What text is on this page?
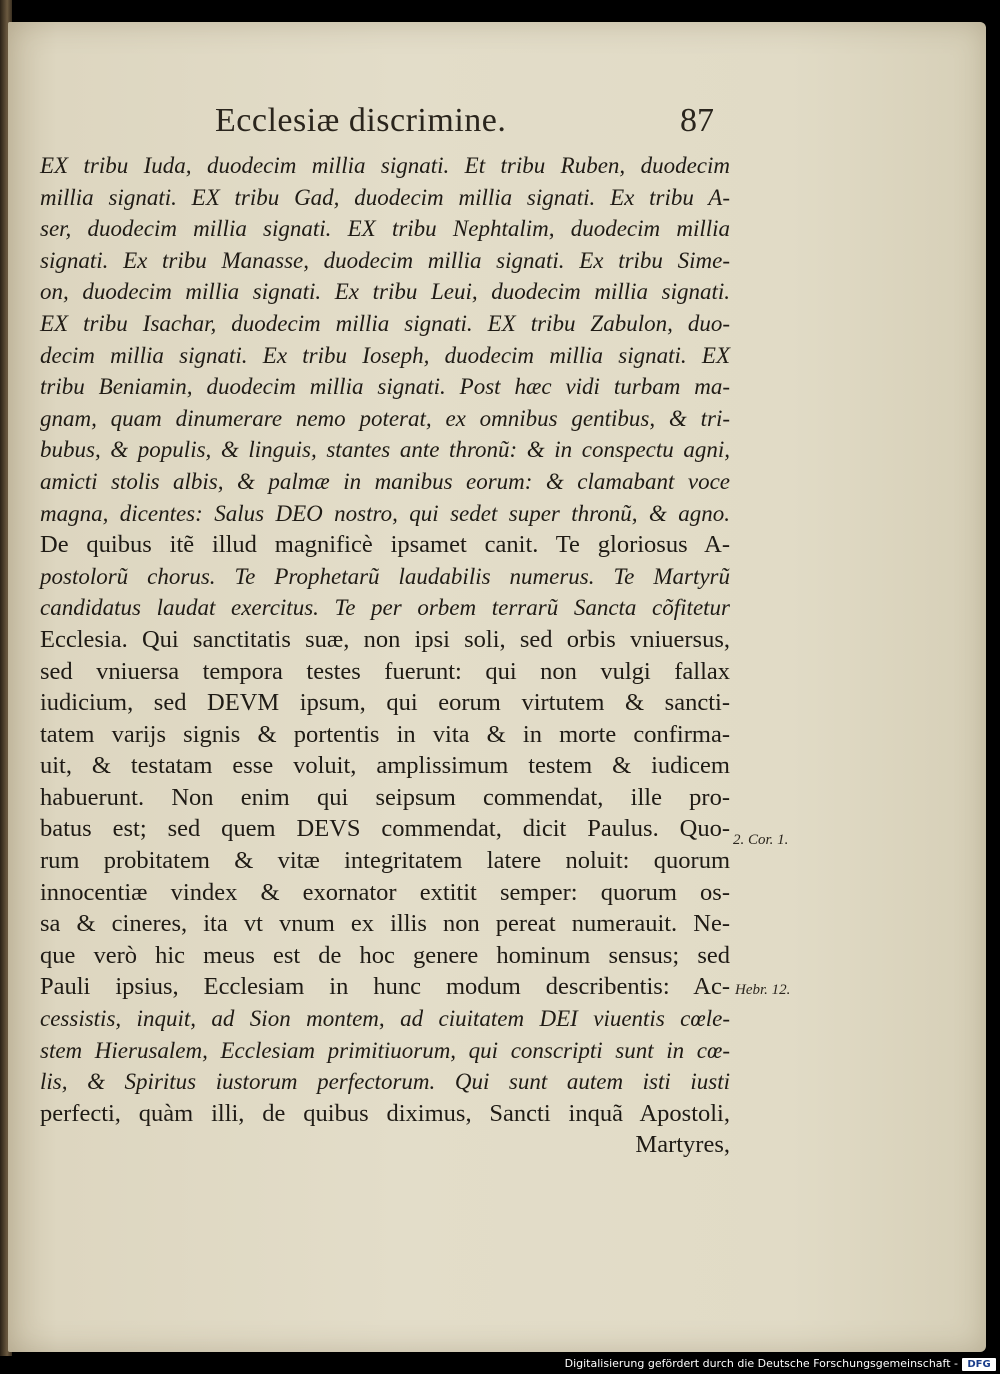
Ecclesiæ discrimine.	87
EX tribu Iuda, duodecim millia signati. Et tribu Ruben, duodecim
millia signati. EX tribu Gad, duodecim millia signati. Ex tribu A-
ser, duodecim millia signati. EX tribu Nephtalim, duodecim millia
signati. Ex tribu Manasse, duodecim millia signati. Ex tribu Sime-
on, duodecim millia signati. Ex tribu Leui, duodecim millia signati.
EX tribu Isachar, duodecim millia signati. EX tribu Zabulon, duo-
decim millia signati. Ex tribu Ioseph, duodecim millia signati. EX
tribu Beniamin, duodecim millia signati. Post hæc vidi turbam ma-
gnam, quam dinumerare nemo poterat, ex omnibus gentibus, & tri-
bubus, & populis, & linguis, stantes ante thronũ: & in conspectu agni,
amicti stolis albis, & palmæ in manibus eorum: & clamabant voce
magna, dicentes: Salus DEO nostro, qui sedet super thronũ, & agno.
De quibus itẽ illud magnificè ipsamet canit. Te gloriosus A-
postolorũ chorus. Te Prophetarũ laudabilis numerus. Te Martyrũ
candidatus laudat exercitus. Te per orbem terrarũ Sancta cõfitetur
Ecclesia. Qui sanctitatis suæ, non ipsi soli, sed orbis vniuersus,
sed vniuersa tempora testes fuerunt: qui non vulgi fallax
iudicium, sed DEVM ipsum, qui eorum virtutem & sancti-
tatem varijs signis & portentis in vita & in morte confirma-
uit, & testatam esse voluit, amplissimum testem & iudicem
habuerunt. Non enim qui seipsum commendat, ille pro-
batus est; sed quem DEVS commendat, dicit Paulus. Quo-
rum probitatem & vitæ integritatem latere noluit: quorum
innocentiæ vindex & exornator extitit semper: quorum os-
sa & cineres, ita vt vnum ex illis non pereat numerauit. Ne-
que verò hic meus est de hoc genere hominum sensus; sed
Pauli ipsius, Ecclesiam in hunc modum describentis: Ac-
cessistis, inquit, ad Sion montem, ad ciuitatem DEI viuentis cœle-
stem Hierusalem, Ecclesiam primitiuorum, qui conscripti sunt in cœ-
lis, & Spiritus iustorum perfectorum. Qui sunt autem isti iusti
perfecti, quàm illi, de quibus diximus, Sancti inquã Apostoli,
Martyres,
2. Cor. 1.
Hebr. 12.
Digitalisierung gefördert durch die Deutsche Forschungsgemeinschaft - DFG
